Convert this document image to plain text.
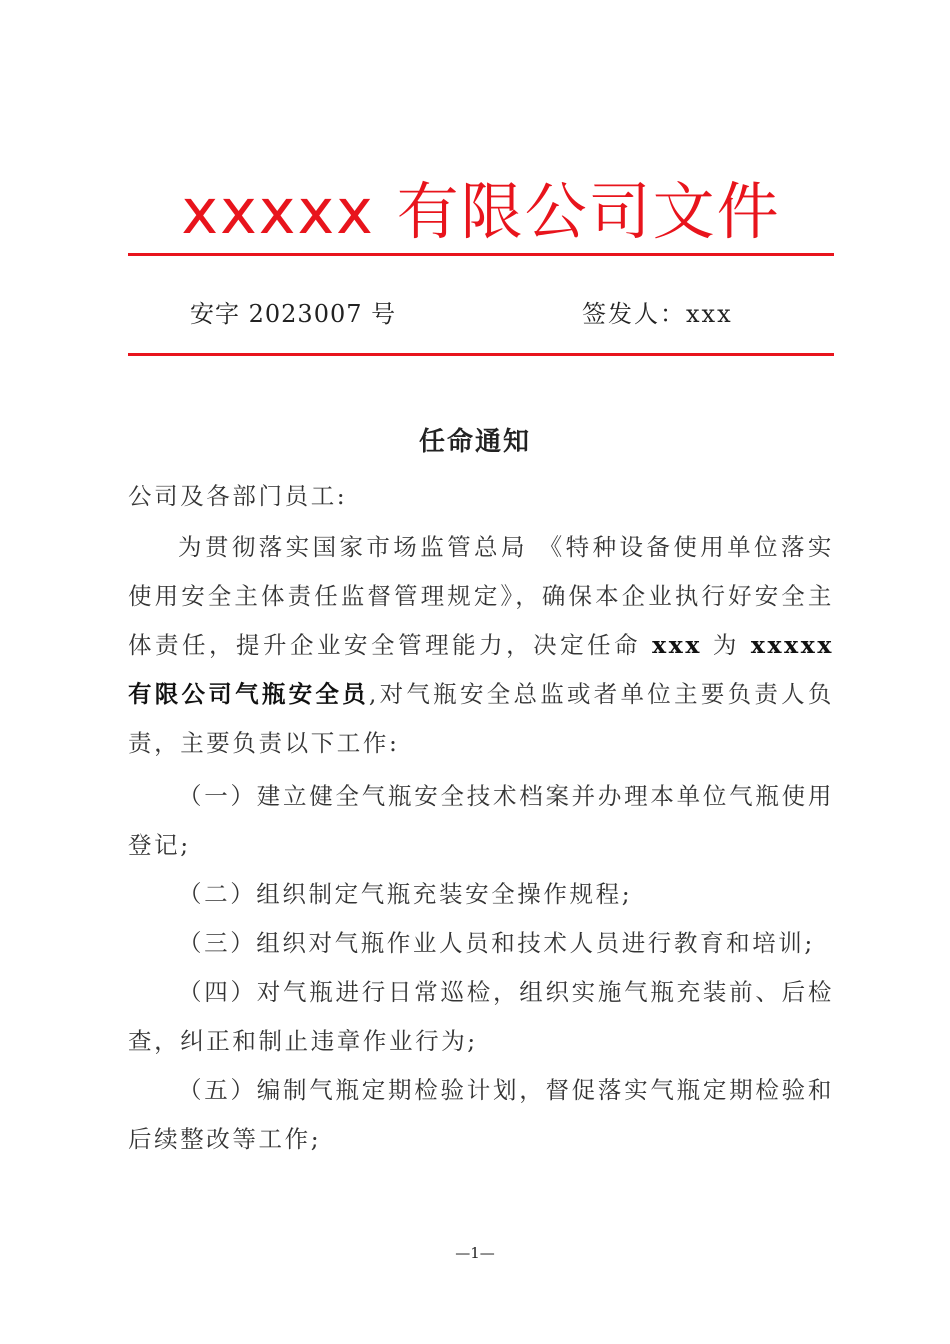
xxxxx 有限公司文件
安字 2023007 号	签发人：xxx
任命通知

公司及各部门员工:

为贯彻落实国家市场监管总局 《特种设备使用单位落实使用安全主体责任监督管理规定》，确保本企业执行好安全主体责任，提升企业安全管理能力，决定任命 xxx 为 xxxxx 有限公司气瓶安全员,对气瓶安全总监或者单位主要负责人负责，主要负责以下工作:

（一）建立健全气瓶安全技术档案并办理本单位气瓶使用登记;

（二）组织制定气瓶充装安全操作规程;

（三）组织对气瓶作业人员和技术人员进行教育和培训;

（四）对气瓶进行日常巡检，组织实施气瓶充装前、后检查，纠正和制止违章作业行为;

（五）编制气瓶定期检验计划，督促落实气瓶定期检验和后续整改等工作;

—1—
